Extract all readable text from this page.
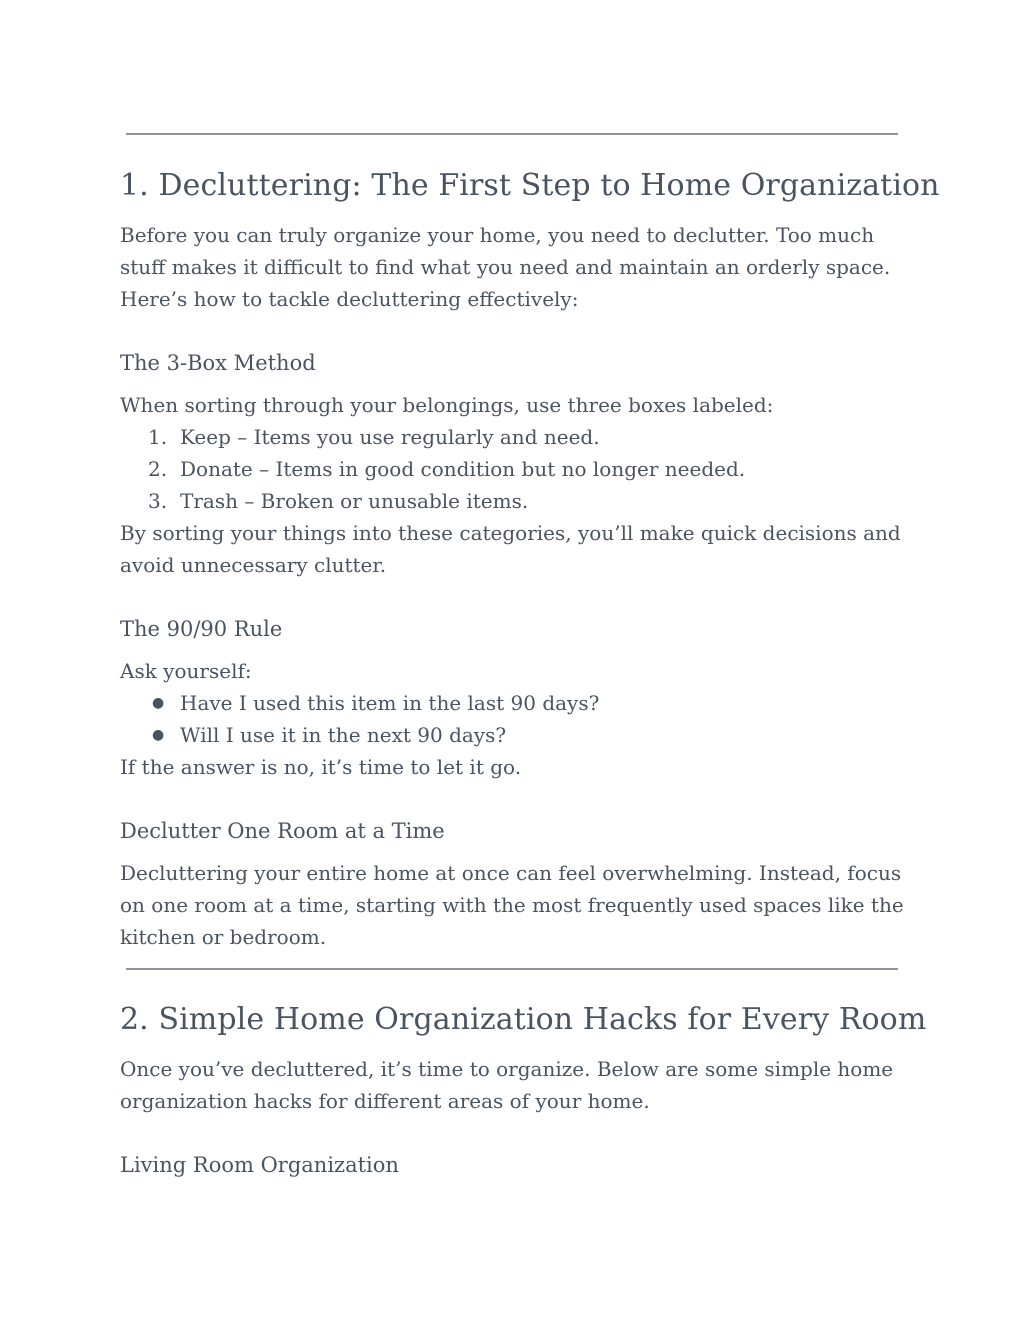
1. Decluttering: The First Step to Home Organization
Before you can truly organize your home, you need to declutter. Too much stuff makes it difficult to find what you need and maintain an orderly space. Here’s how to tackle decluttering effectively:
The 3-Box Method
When sorting through your belongings, use three boxes labeled:
1. Keep – Items you use regularly and need.
2. Donate – Items in good condition but no longer needed.
3. Trash – Broken or unusable items.
By sorting your things into these categories, you’ll make quick decisions and avoid unnecessary clutter.
The 90/90 Rule
Ask yourself:
● Have I used this item in the last 90 days?
● Will I use it in the next 90 days?
If the answer is no, it’s time to let it go.
Declutter One Room at a Time
Decluttering your entire home at once can feel overwhelming. Instead, focus on one room at a time, starting with the most frequently used spaces like the kitchen or bedroom.
2. Simple Home Organization Hacks for Every Room
Once you’ve decluttered, it’s time to organize. Below are some simple home organization hacks for different areas of your home.
Living Room Organization
